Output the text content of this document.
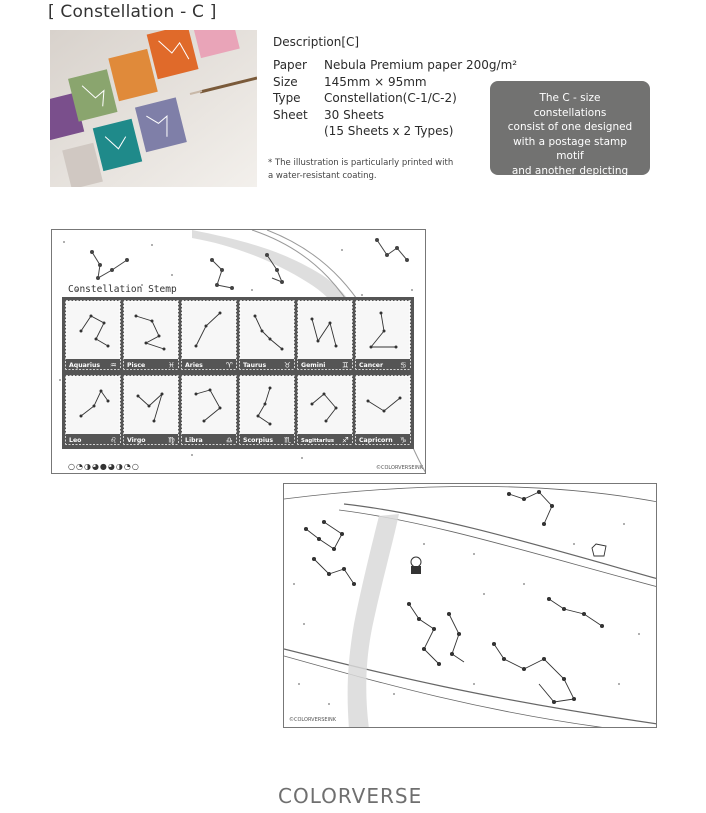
[ Constellation - C ]
Description[C]
Paper	Nebula Premium paper 200g/m²
Size	145mm × 95mm
Type	Constellation(C-1/C-2)
Sheet	30 Sheets
(15 Sheets x 2 Types)
* The illustration is particularly printed with
a water-resistant coating.
The C - size constellations
consist of one designed
with a postage stamp motif
and another depicting night
sky constellations.
Constellation Stemp
Aquarius ♒ Pisce	♓ Aries	♈ Taurus ♉ Gemini ♊ Cancer ♋
Leo	♌ Virgo	♍ Libra	♎ Scorpius ♏ Sagittarius ♐ Capricorn ♑
○◔◑◕●◕◑◔○	©COLORVERSEINK
©COLORVERSEINK
COLORVERSE
